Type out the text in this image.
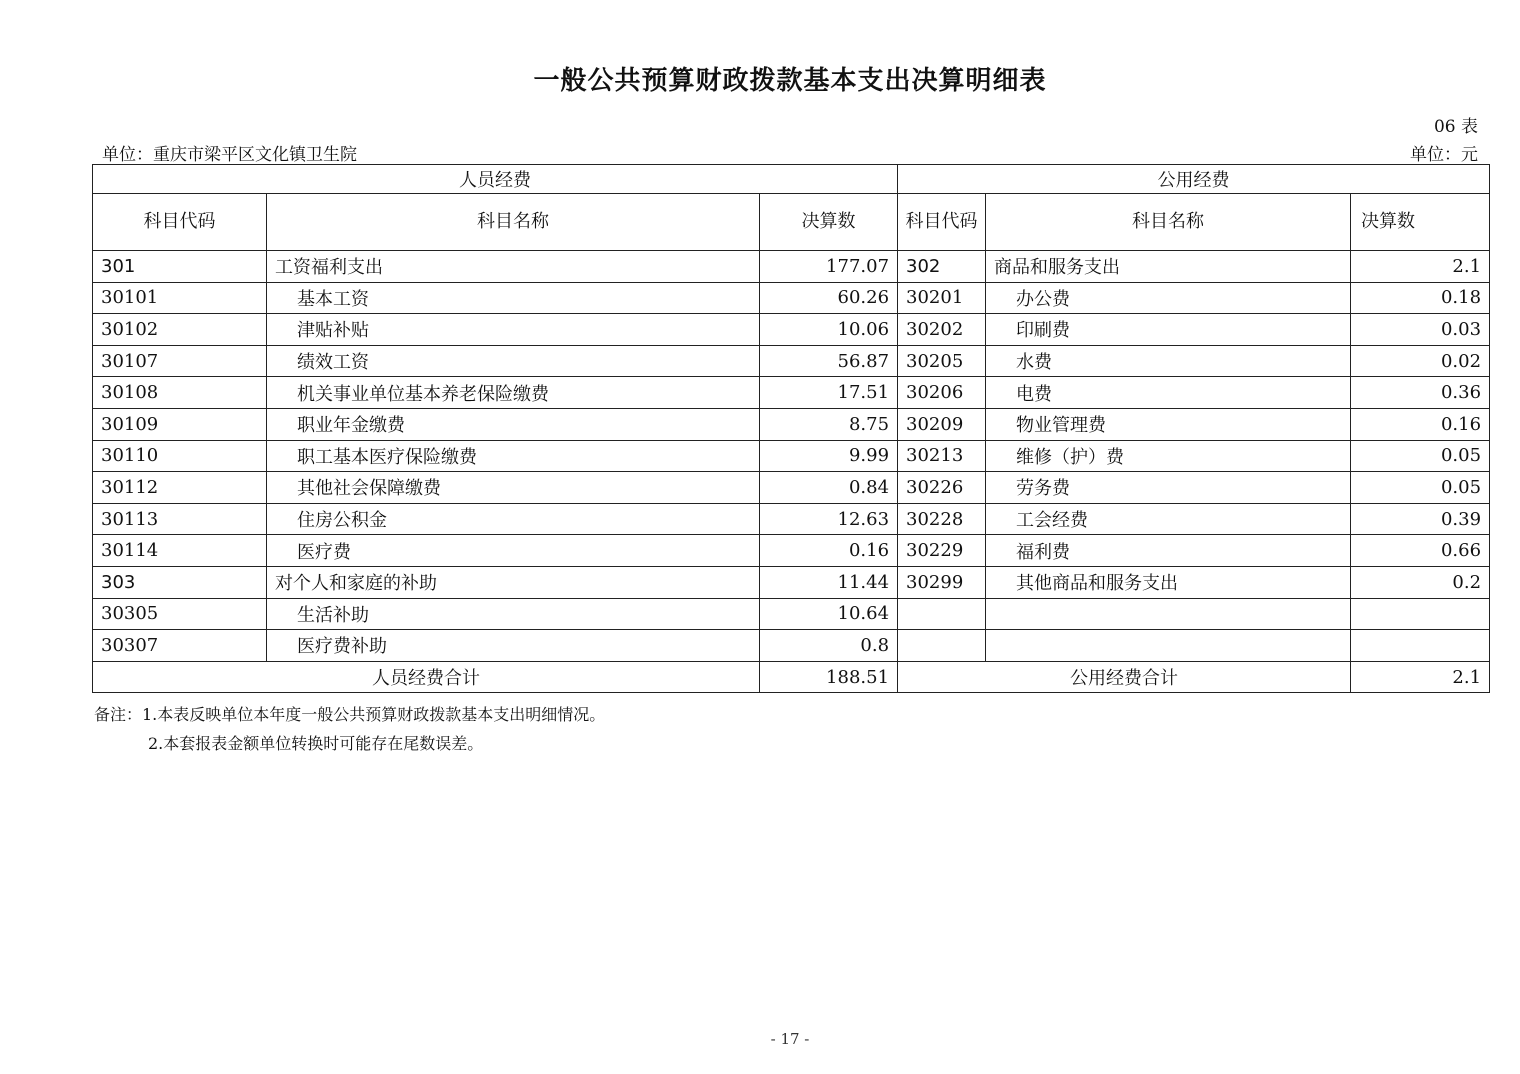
一般公共预算财政拨款基本支出决算明细表
06 表
单位：重庆市梁平区文化镇卫生院	单位：元
人员经费			公用经费		
科目代码	科目名称	决算数	科目代码	科目名称	决算数
301	工资福利支出	177.07	302	商品和服务支出	2.1
30101	基本工资	60.26	30201	办公费	0.18
30102	津贴补贴	10.06	30202	印刷费	0.03
30107	绩效工资	56.87	30205	水费	0.02
30108	机关事业单位基本养老保险缴费	17.51	30206	电费	0.36
30109	职业年金缴费	8.75	30209	物业管理费	0.16
30110	职工基本医疗保险缴费	9.99	30213	维修（护）费	0.05
30112	其他社会保障缴费	0.84	30226	劳务费	0.05
30113	住房公积金	12.63	30228	工会经费	0.39
30114	医疗费	0.16	30229	福利费	0.66
303	对个人和家庭的补助	11.44	30299	其他商品和服务支出	0.2
30305	生活补助	10.64			
30307	医疗费补助	0.8			
人员经费合计		188.51	公用经费合计		2.1
备注：1.本表反映单位本年度一般公共预算财政拨款基本支出明细情况。
2.本套报表金额单位转换时可能存在尾数误差。
- 17 -
